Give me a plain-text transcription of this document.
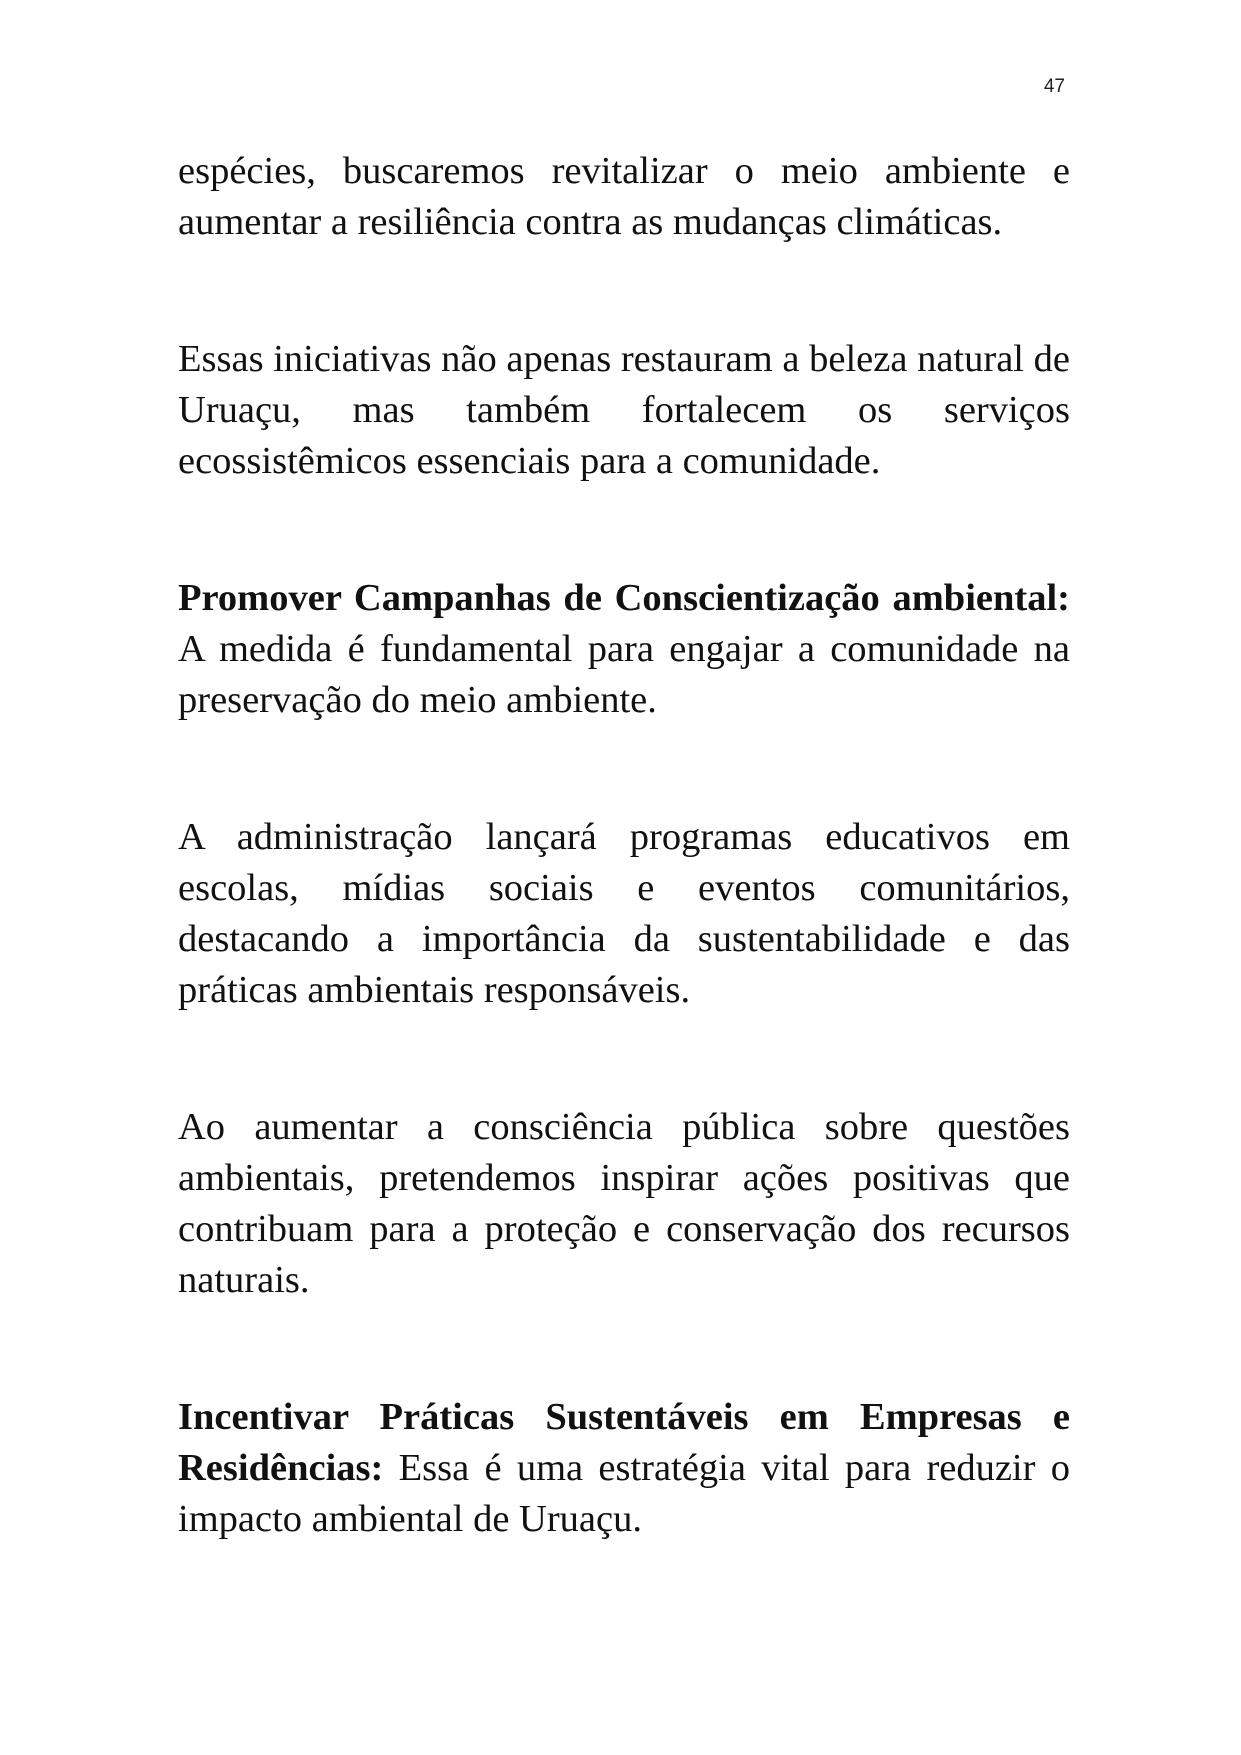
47

espécies, buscaremos revitalizar o meio ambiente e aumentar a resiliência contra as mudanças climáticas.

Essas iniciativas não apenas restauram a beleza natural de Uruaçu, mas também fortalecem os serviços ecossistêmicos essenciais para a comunidade.

Promover Campanhas de Conscientização ambiental: A medida é fundamental para engajar a comunidade na preservação do meio ambiente.

A administração lançará programas educativos em escolas, mídias sociais e eventos comunitários, destacando a importância da sustentabilidade e das práticas ambientais responsáveis.

Ao aumentar a consciência pública sobre questões ambientais, pretendemos inspirar ações positivas que contribuam para a proteção e conservação dos recursos naturais.

Incentivar Práticas Sustentáveis em Empresas e Residências: Essa é uma estratégia vital para reduzir o impacto ambiental de Uruaçu.
